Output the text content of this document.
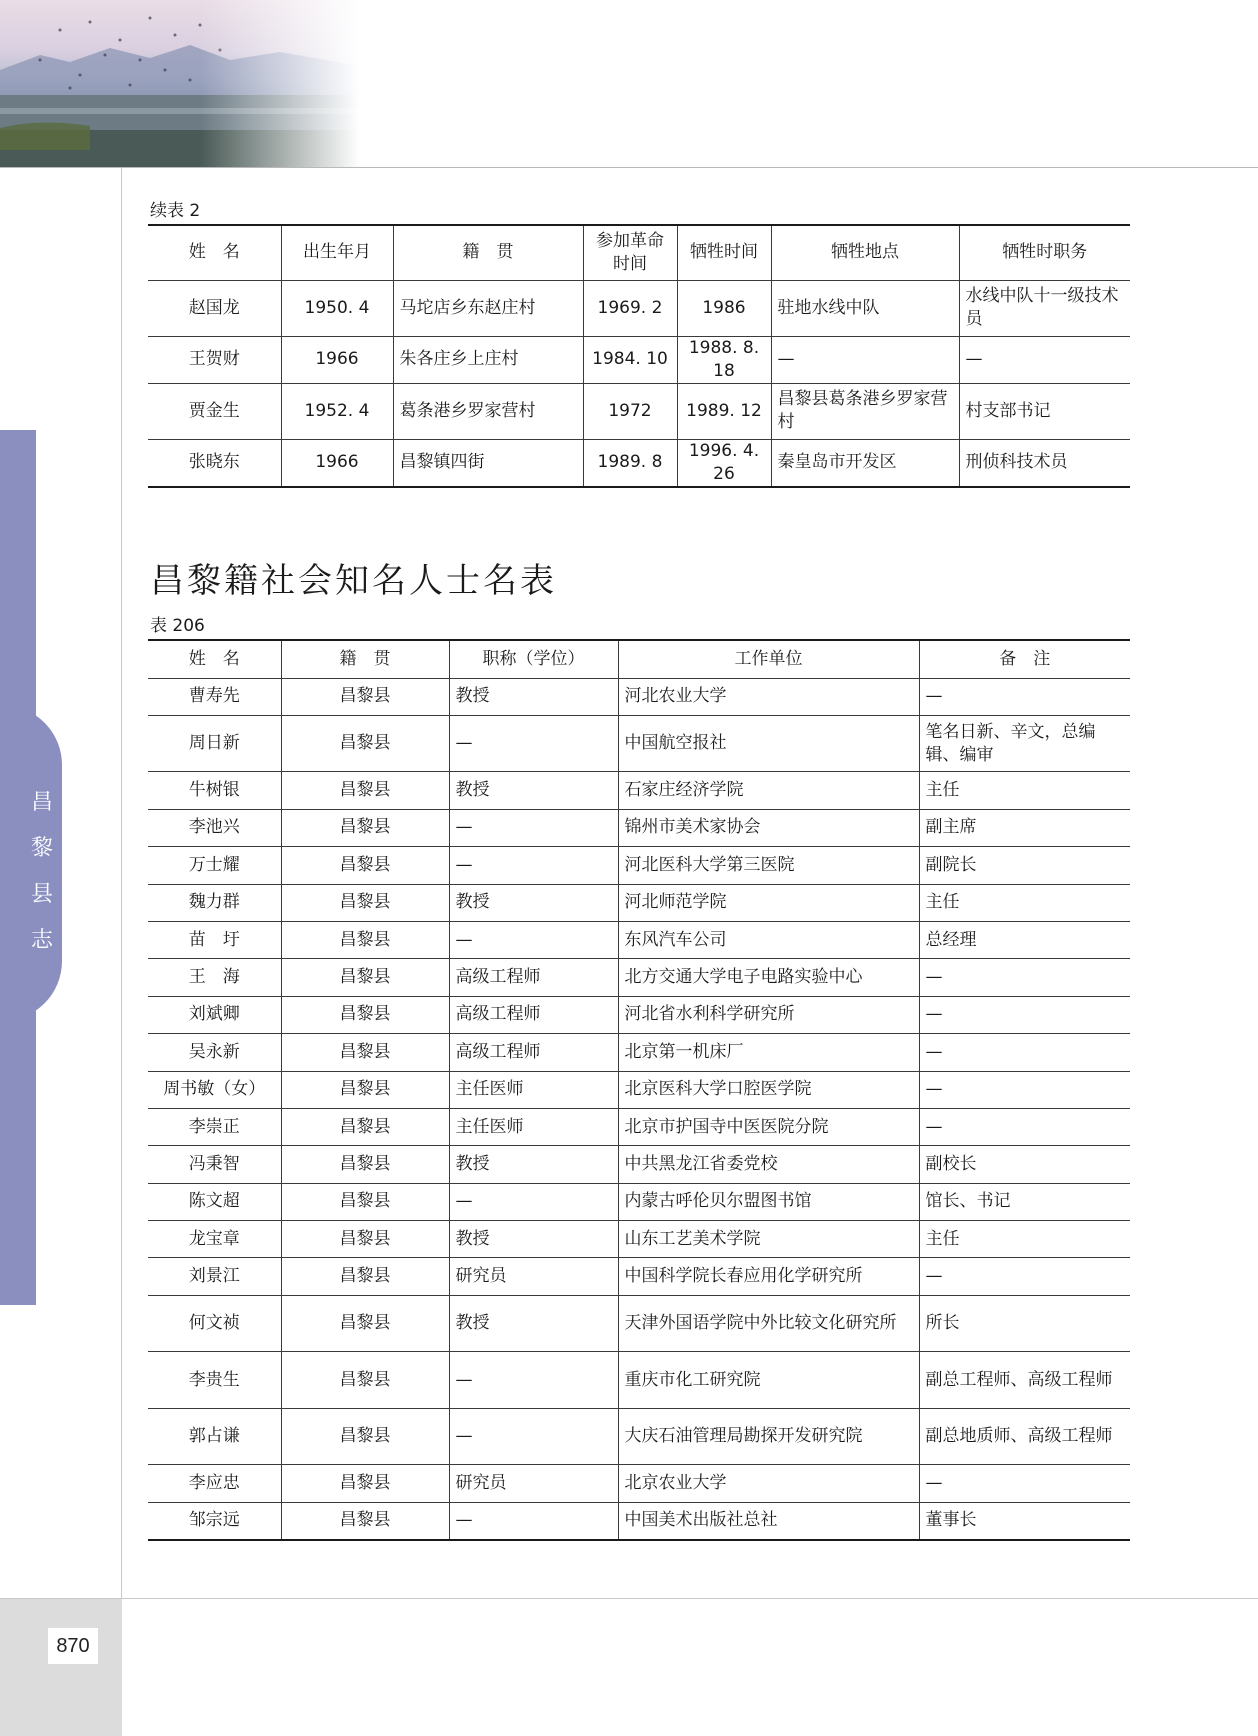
昌
黎
县
志
续表 2
姓　名	出生年月	籍　贯	参加革命时间	牺牲时间	牺牲地点	牺牲时职务
赵国龙	1950. 4	马坨店乡东赵庄村	1969. 2	1986	驻地水线中队	水线中队十一级技术员
王贺财	1966	朱各庄乡上庄村	1984. 10	1988. 8. 18	—	—
贾金生	1952. 4	葛条港乡罗家营村	1972	1989. 12	昌黎县葛条港乡罗家营村	村支部书记
张晓东	1966	昌黎镇四街	1989. 8	1996. 4. 26	秦皇岛市开发区	刑侦科技术员
昌黎籍社会知名人士名表
表 206
姓　名	籍　贯	职称（学位）	工作单位	备　注
曹寿先	昌黎县	教授	河北农业大学	—
周日新	昌黎县	—	中国航空报社	笔名日新、辛文，总编辑、编审
牛树银	昌黎县	教授	石家庄经济学院	主任
李池兴	昌黎县	—	锦州市美术家协会	副主席
万士耀	昌黎县	—	河北医科大学第三医院	副院长
魏力群	昌黎县	教授	河北师范学院	主任
苗　圩	昌黎县	—	东风汽车公司	总经理
王　海	昌黎县	高级工程师	北方交通大学电子电路实验中心	—
刘斌卿	昌黎县	高级工程师	河北省水利科学研究所	—
吴永新	昌黎县	高级工程师	北京第一机床厂	—
周书敏（女）	昌黎县	主任医师	北京医科大学口腔医学院	—
李崇正	昌黎县	主任医师	北京市护国寺中医医院分院	—
冯秉智	昌黎县	教授	中共黑龙江省委党校	副校长
陈文超	昌黎县	—	内蒙古呼伦贝尔盟图书馆	馆长、书记
龙宝章	昌黎县	教授	山东工艺美术学院	主任
刘景江	昌黎县	研究员	中国科学院长春应用化学研究所	—
何文祯	昌黎县	教授	天津外国语学院中外比较文化研究所	所长
李贵生	昌黎县	—	重庆市化工研究院	副总工程师、高级工程师
郭占谦	昌黎县	—	大庆石油管理局勘探开发研究院	副总地质师、高级工程师
李应忠	昌黎县	研究员	北京农业大学	—
邹宗远	昌黎县	—	中国美术出版社总社	董事长
870
